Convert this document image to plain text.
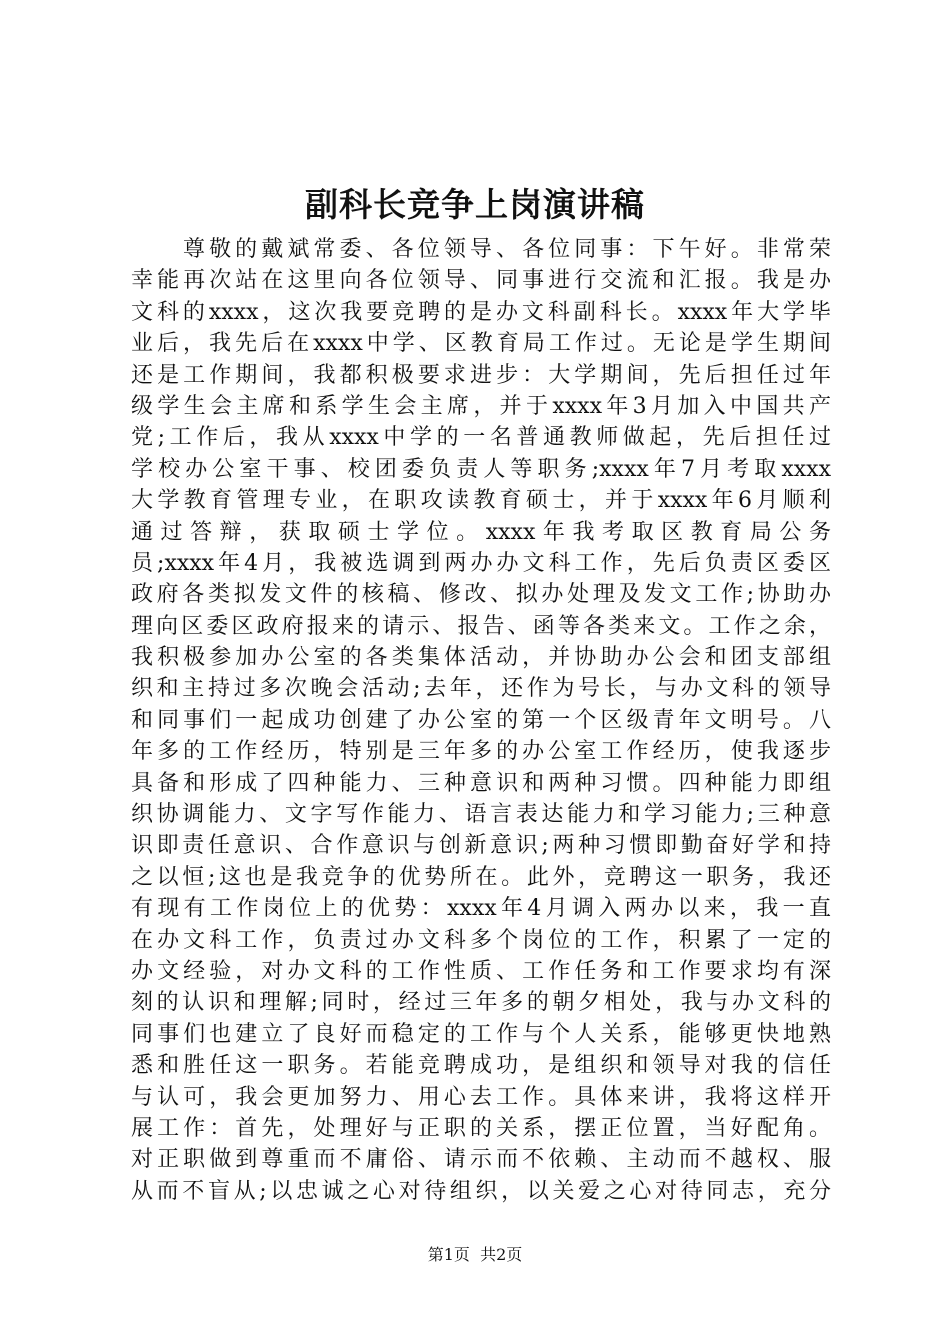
副科长竞争上岗演讲稿
尊敬的戴斌常委、各位领导、各位同事：下午好。非常荣
幸能再次站在这里向各位领导、同事进行交流和汇报。我是办
文科的xxxx，这次我要竞聘的是办文科副科长。xxxx年大学毕
业后，我先后在xxxx中学、区教育局工作过。无论是学生期间
还是工作期间，我都积极要求进步：大学期间，先后担任过年
级学生会主席和系学生会主席，并于xxxx年3月加入中国共产
党;工作后，我从xxxx中学的一名普通教师做起，先后担任过
学校办公室干事、校团委负责人等职务;xxxx年7月考取xxxx
大学教育管理专业，在职攻读教育硕士，并于xxxx年6月顺利
通过答辩，获取硕士学位。xxxx年我考取区教育局公务
员;xxxx年4月，我被选调到两办办文科工作，先后负责区委区
政府各类拟发文件的核稿、修改、拟办处理及发文工作;协助办
理向区委区政府报来的请示、报告、函等各类来文。工作之余，
我积极参加办公室的各类集体活动，并协助办公会和团支部组
织和主持过多次晚会活动;去年，还作为号长，与办文科的领导
和同事们一起成功创建了办公室的第一个区级青年文明号。八
年多的工作经历，特别是三年多的办公室工作经历，使我逐步
具备和形成了四种能力、三种意识和两种习惯。四种能力即组
织协调能力、文字写作能力、语言表达能力和学习能力;三种意
识即责任意识、合作意识与创新意识;两种习惯即勤奋好学和持
之以恒;这也是我竞争的优势所在。此外，竞聘这一职务，我还
有现有工作岗位上的优势：xxxx年4月调入两办以来，我一直
在办文科工作，负责过办文科多个岗位的工作，积累了一定的
办文经验，对办文科的工作性质、工作任务和工作要求均有深
刻的认识和理解;同时，经过三年多的朝夕相处，我与办文科的
同事们也建立了良好而稳定的工作与个人关系，能够更快地熟
悉和胜任这一职务。若能竞聘成功，是组织和领导对我的信任
与认可，我会更加努力、用心去工作。具体来讲，我将这样开
展工作：首先，处理好与正职的关系，摆正位置，当好配角。
对正职做到尊重而不庸俗、请示而不依赖、主动而不越权、服
从而不盲从;以忠诚之心对待组织，以关爱之心对待同志，充分
第1页 共2页
